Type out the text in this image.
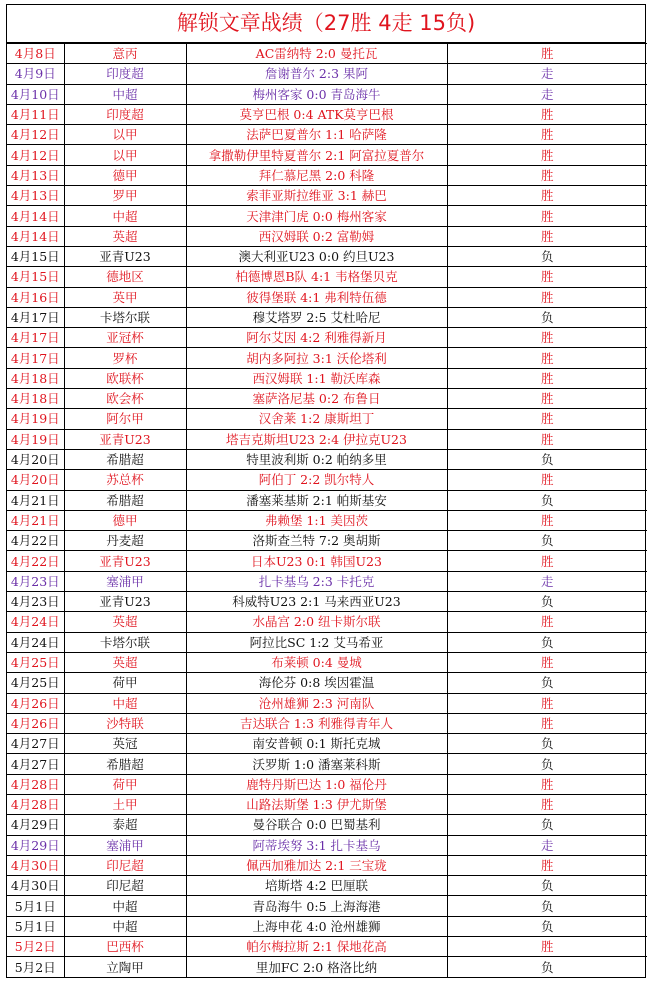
解锁文章战绩（27胜 4走 15负)
4月8日	意丙	AC雷纳特 2:0 曼托瓦	胜
4月9日	印度超	詹谢普尔 2:3 果阿	走
4月10日	中超	梅州客家 0:0 青岛海牛	走
4月11日	印度超	莫亨巴根 0:4 ATK莫亨巴根	胜
4月12日	以甲	法萨巴夏普尔 1:1 哈萨隆	胜
4月12日	以甲	拿撒勒伊里特夏普尔 2:1 阿富拉夏普尔	胜
4月13日	德甲	拜仁慕尼黑 2:0 科隆	胜
4月13日	罗甲	索菲亚斯拉维亚 3:1 赫巴	胜
4月14日	中超	天津津门虎 0:0 梅州客家	胜
4月14日	英超	西汉姆联 0:2 富勒姆	胜
4月15日	亚青U23	澳大利亚U23 0:0 约旦U23	负
4月15日	德地区	柏德博恩B队 4:1 韦格堡贝克	胜
4月16日	英甲	彼得堡联 4:1 弗利特伍德	胜
4月17日	卡塔尔联	穆艾塔罗 2:5 艾杜哈尼	负
4月17日	亚冠杯	阿尔艾因 4:2 利雅得新月	胜
4月17日	罗杯	胡内多阿拉 3:1 沃伦塔利	胜
4月18日	欧联杯	西汉姆联 1:1 勒沃库森	胜
4月18日	欧会杯	塞萨洛尼基 0:2 布鲁日	胜
4月19日	阿尔甲	汉舍莱 1:2 康斯坦丁	胜
4月19日	亚青U23	塔吉克斯坦U23 2:4 伊拉克U23	胜
4月20日	希腊超	特里波利斯 0:2 帕纳多里	负
4月20日	苏总杯	阿伯丁 2:2 凯尔特人	胜
4月21日	希腊超	潘塞莱基斯 2:1 帕斯基安	负
4月21日	德甲	弗赖堡 1:1 美因茨	胜
4月22日	丹麦超	洛斯查兰特 7:2 奥胡斯	负
4月22日	亚青U23	日本U23 0:1 韩国U23	胜
4月23日	塞浦甲	扎卡基乌 2:3 卡托克	走
4月23日	亚青U23	科威特U23 2:1 马来西亚U23	负
4月24日	英超	水晶宫 2:0 纽卡斯尔联	胜
4月24日	卡塔尔联	阿拉比SC 1:2 艾马希亚	负
4月25日	英超	布莱顿 0:4 曼城	胜
4月25日	荷甲	海伦芬 0:8 埃因霍温	负
4月26日	中超	沧州雄狮 2:3 河南队	胜
4月26日	沙特联	吉达联合 1:3 利雅得青年人	胜
4月27日	英冠	南安普顿 0:1 斯托克城	负
4月27日	希腊超	沃罗斯 1:0 潘塞莱科斯	负
4月28日	荷甲	鹿特丹斯巴达 1:0 福伦丹	胜
4月28日	土甲	山路法斯堡 1:3 伊尤斯堡	胜
4月29日	泰超	曼谷联合 0:0 巴蜀基利	负
4月29日	塞浦甲	阿蒂埃努 3:1 扎卡基乌	走
4月30日	印尼超	佩西加雅加达 2:1 三宝珑	胜
4月30日	印尼超	培斯塔 4:2 巴厘联	负
5月1日	中超	青岛海牛 0:5 上海海港	负
5月1日	中超	上海申花 4:0 沧州雄狮	负
5月2日	巴西杯	帕尔梅拉斯 2:1 保地花高	胜
5月2日	立陶甲	里加FC 2:0 格洛比纳	负
